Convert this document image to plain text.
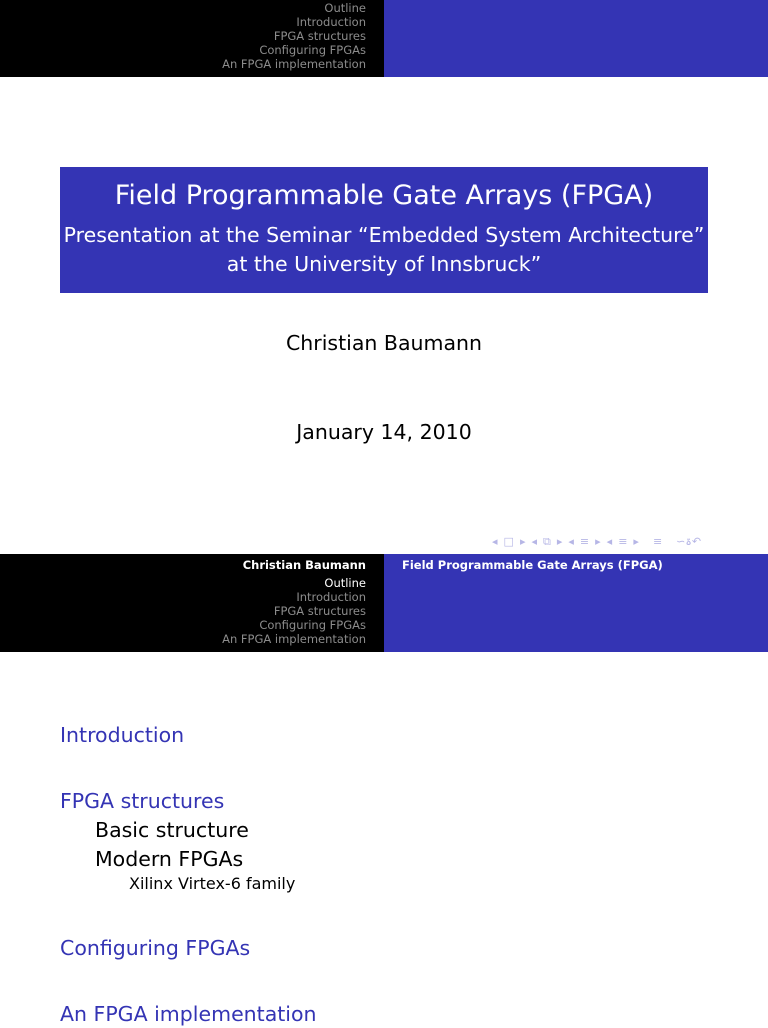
Outline
Introduction
FPGA structures
Configuring FPGAs
An FPGA implementation
Field Programmable Gate Arrays (FPGA)
Presentation at the Seminar “Embedded System Architecture”
at the University of Innsbruck”
Christian Baumann
January 14, 2010
◂ □ ▸ ◂ ⧉ ▸ ◂ ≡ ▸ ◂ ≡ ▸ ≡ ∽ۃ↶
Christian Baumann
Outline
Introduction
FPGA structures
Configuring FPGAs
An FPGA implementation
Field Programmable Gate Arrays (FPGA)
Introduction
FPGA structures
Basic structure
Modern FPGAs
Xilinx Virtex-6 family
Configuring FPGAs
An FPGA implementation
